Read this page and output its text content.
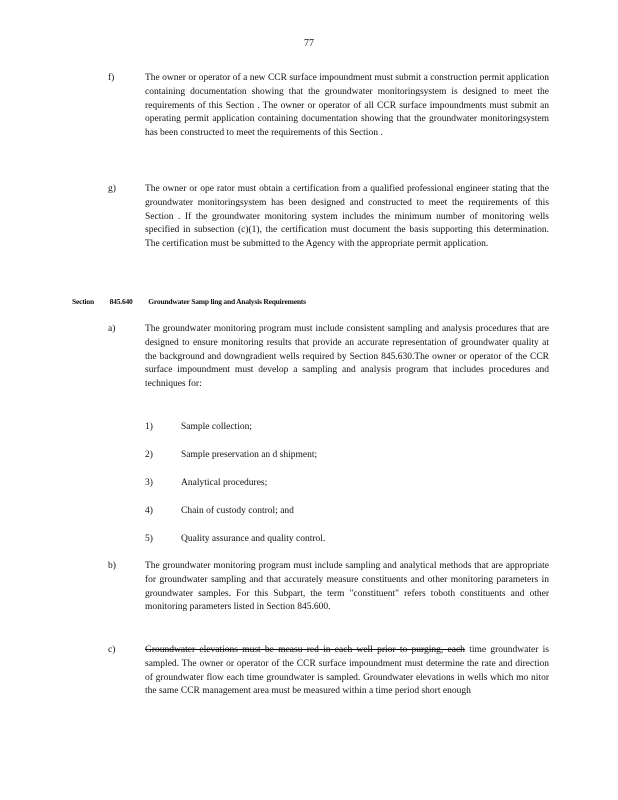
77
f)	The owner or operator of a new CCR surface impoundment must submit a construction permit application containing documentation showing that the groundwater monitoringsystem is designed to meet the requirements of this Section . The owner or operator of all CCR surface impoundments must submit an operating permit application containing documentation showing that the groundwater monitoringsystem has been constructed to meet the requirements of this Section .
g)	The owner or ope rator must obtain a certification from a qualified professional engineer stating that the groundwater monitoringsystem has been designed and constructed to meet the requirements of this Section . If the groundwater monitoring system includes the minimum number of monitoring wells specified in subsection (c)(1), the certification must document the basis supporting this determination. The certification must be submitted to the Agency with the appropriate permit application.
Section 845.640 Groundwater Samp ling and Analysis Requirements
a)	The groundwater monitoring program must include consistent sampling and analysis procedures that are designed to ensure monitoring results that provide an accurate representation of groundwater quality at the background and downgradient wells required by Section 845.630.The owner or operator of the CCR surface impoundment must develop a sampling and analysis program that includes procedures and techniques for:
1)	Sample collection;
2)	Sample preservation an d shipment;
3)	Analytical procedures;
4)	Chain of custody control; and
5)	Quality assurance and quality control.
b)	The groundwater monitoring program must include sampling and analytical methods that are appropriate for groundwater sampling and that accurately measure constituents and other monitoring parameters in groundwater samples. For this Subpart, the term "constituent" refers toboth constituents and other monitoring parameters listed in Section 845.600.
c)	Groundwater elevations must be measu red in each well prior to purging, each time groundwater is sampled. The owner or operator of the CCR surface impoundment must determine the rate and direction of groundwater flow each time groundwater is sampled. Groundwater elevations in wells which mo nitor the same CCR management area must be measured within a time period short enough
